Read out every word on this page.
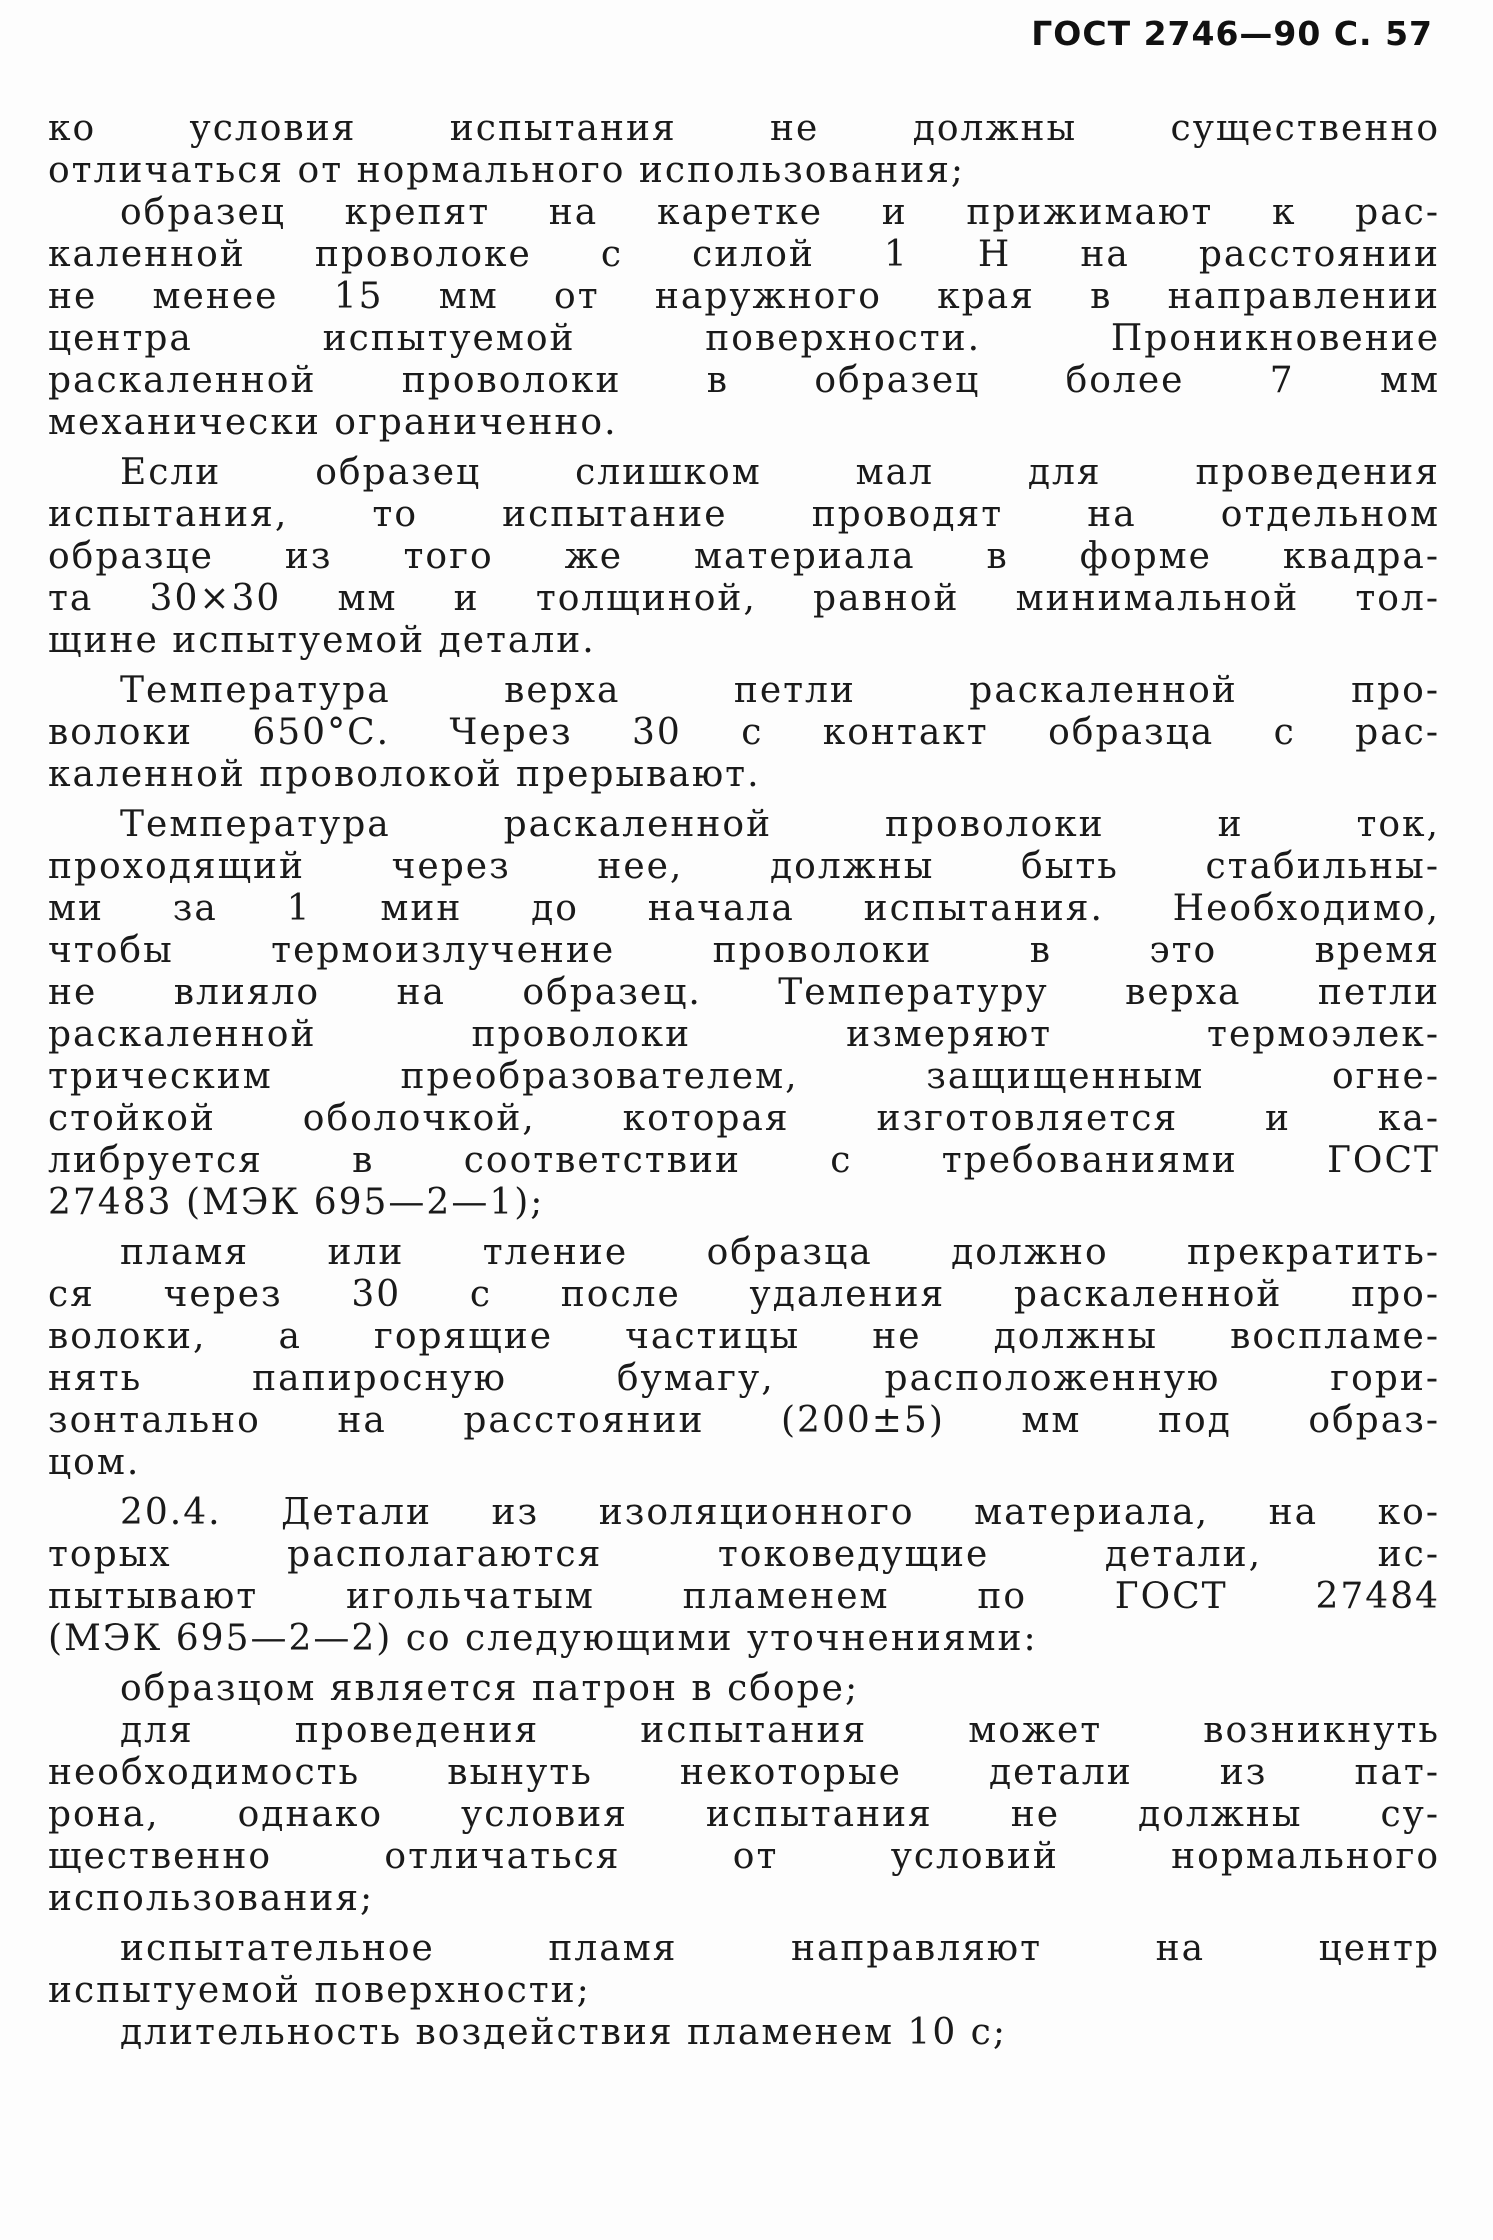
ГОСТ 2746—90 С. 57
ко условия испытания не должны существенно
отличаться от нормального использования;
образец крепят на каретке и прижимают к рас-
каленной проволоке с силой 1 Н на расстоянии
не менее 15 мм от наружного края в направлении
центра испытуемой поверхности. Проникновение
раскаленной проволоки в образец более 7 мм
механически ограниченно.
Если образец слишком мал для проведения
испытания, то испытание проводят на отдельном
образце из того же материала в форме квадра-
та 30×30 мм и толщиной, равной минимальной тол-
щине испытуемой детали.
Температура верха петли раскаленной про-
волоки 650°С. Через 30 с контакт образца с рас-
каленной проволокой прерывают.
Температура раскаленной проволоки и ток,
проходящий через нее, должны быть стабильны-
ми за 1 мин до начала испытания. Необходимо,
чтобы термоизлучение проволоки в это время
не влияло на образец. Температуру верха петли
раскаленной проволоки измеряют термоэлек-
трическим преобразователем, защищенным огне-
стойкой оболочкой, которая изготовляется и ка-
либруется в соответствии с требованиями ГОСТ
27483 (МЭК 695—2—1);
пламя или тление образца должно прекратить-
ся через 30 с после удаления раскаленной про-
волоки, а горящие частицы не должны воспламе-
нять папиросную бумагу, расположенную гори-
зонтально на расстоянии (200±5) мм под образ-
цом.
20.4. Детали из изоляционного материала, на ко-
торых располагаются токоведущие детали, ис-
пытывают игольчатым пламенем по ГОСТ 27484
(МЭК 695—2—2) со следующими уточнениями:
образцом является патрон в сборе;
для проведения испытания может возникнуть
необходимость вынуть некоторые детали из пат-
рона, однако условия испытания не должны су-
щественно отличаться от условий нормального
использования;
испытательное пламя направляют на центр
испытуемой поверхности;
длительность воздействия пламенем 10 с;
